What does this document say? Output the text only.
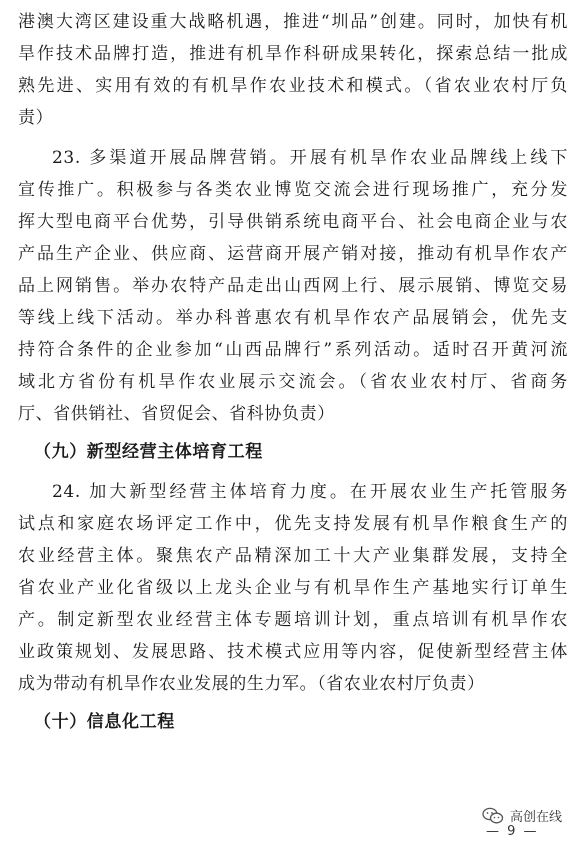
港澳大湾区建设重大战略机遇，推进“圳品”创建。同时，加快有机
旱作技术品牌打造，推进有机旱作科研成果转化，探索总结一批成
熟先进、实用有效的有机旱作农业技术和模式。（省农业农村厅负
责）
23. 多渠道开展品牌营销。开展有机旱作农业品牌线上线下
宣传推广。积极参与各类农业博览交流会进行现场推广，充分发
挥大型电商平台优势，引导供销系统电商平台、社会电商企业与农
产品生产企业、供应商、运营商开展产销对接，推动有机旱作农产
品上网销售。举办农特产品走出山西网上行、展示展销、博览交易
等线上线下活动。举办科普惠农有机旱作农产品展销会，优先支
持符合条件的企业参加“山西品牌行”系列活动。适时召开黄河流
域北方省份有机旱作农业展示交流会。（省农业农村厅、省商务
厅、省供销社、省贸促会、省科协负责）
（九）新型经营主体培育工程
24. 加大新型经营主体培育力度。在开展农业生产托管服务
试点和家庭农场评定工作中，优先支持发展有机旱作粮食生产的
农业经营主体。聚焦农产品精深加工十大产业集群发展，支持全
省农业产业化省级以上龙头企业与有机旱作生产基地实行订单生
产。制定新型农业经营主体专题培训计划，重点培训有机旱作农
业政策规划、发展思路、技术模式应用等内容，促使新型经营主体
成为带动有机旱作农业发展的生力军。（省农业农村厅负责）
（十）信息化工程
高创在线
— 9 —
